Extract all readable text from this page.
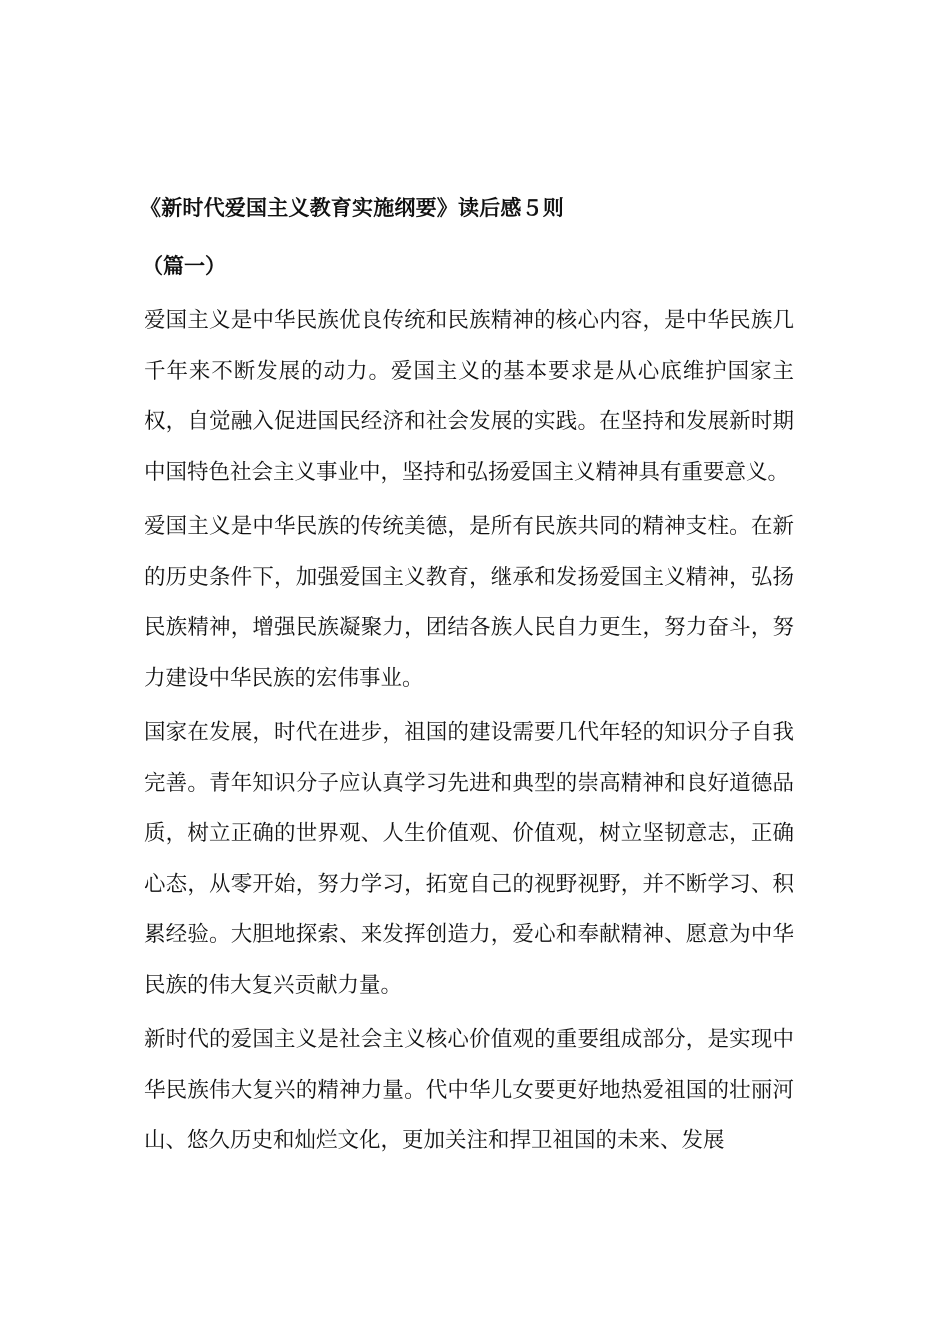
《新时代爱国主义教育实施纲要》读后感５则
（篇一）

爱国主义是中华民族优良传统和民族精神的核心内容，是中华民族几千年来不断发展的动力。爱国主义的基本要求是从心底维护国家主权，自觉融入促进国民经济和社会发展的实践。在坚持和发展新时期中国特色社会主义事业中，坚持和弘扬爱国主义精神具有重要意义。

爱国主义是中华民族的传统美德，是所有民族共同的精神支柱。在新的历史条件下，加强爱国主义教育，继承和发扬爱国主义精神，弘扬民族精神，增强民族凝聚力，团结各族人民自力更生，努力奋斗，努力建设中华民族的宏伟事业。

国家在发展，时代在进步，祖国的建设需要几代年轻的知识分子自我完善。青年知识分子应认真学习先进和典型的崇高精神和良好道德品质，树立正确的世界观、人生价值观、价值观，树立坚韧意志，正确心态，从零开始，努力学习，拓宽自己的视野视野，并不断学习、积累经验。大胆地探索、来发挥创造力，爱心和奉献精神、愿意为中华民族的伟大复兴贡献力量。

新时代的爱国主义是社会主义核心价值观的重要组成部分，是实现中华民族伟大复兴的精神力量。代中华儿女要更好地热爱祖国的壮丽河山、悠久历史和灿烂文化，更加关注和捍卫祖国的未来、发展
